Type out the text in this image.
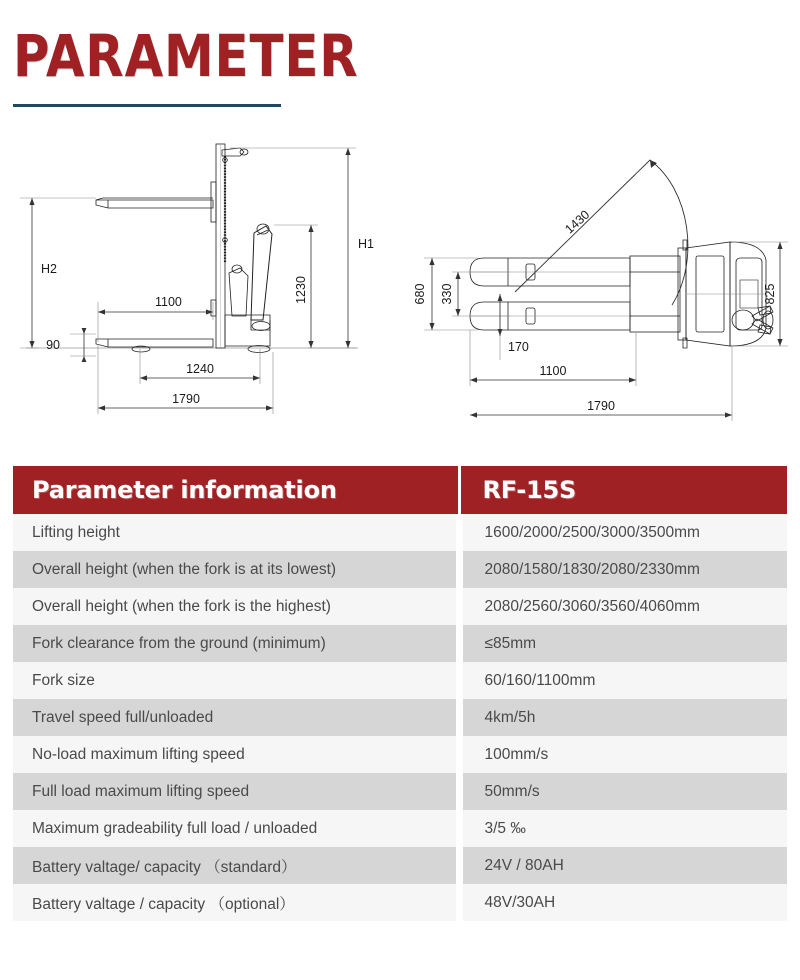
PARAMETER
H2
H1
1230
1100
90
1240
1790
1430
680 330
170
825
1100
1790
Parameter information	RF-15S
Lifting height	1600/2000/2500/3000/3500mm
Overall height (when the fork is at its lowest)	2080/1580/1830/2080/2330mm
Overall height (when the fork is the highest)	2080/2560/3060/3560/4060mm
Fork clearance from the ground (minimum)	≤85mm
Fork size	60/160/1100mm
Travel speed full/unloaded	4km/5h
No-load maximum lifting speed	100mm/s
Full load maximum lifting speed	50mm/s
Maximum gradeability full load / unloaded	3/5 ‰
Battery valtage/ capacity （standard）	24V / 80AH
Battery valtage / capacity （optional）	48V/30AH
